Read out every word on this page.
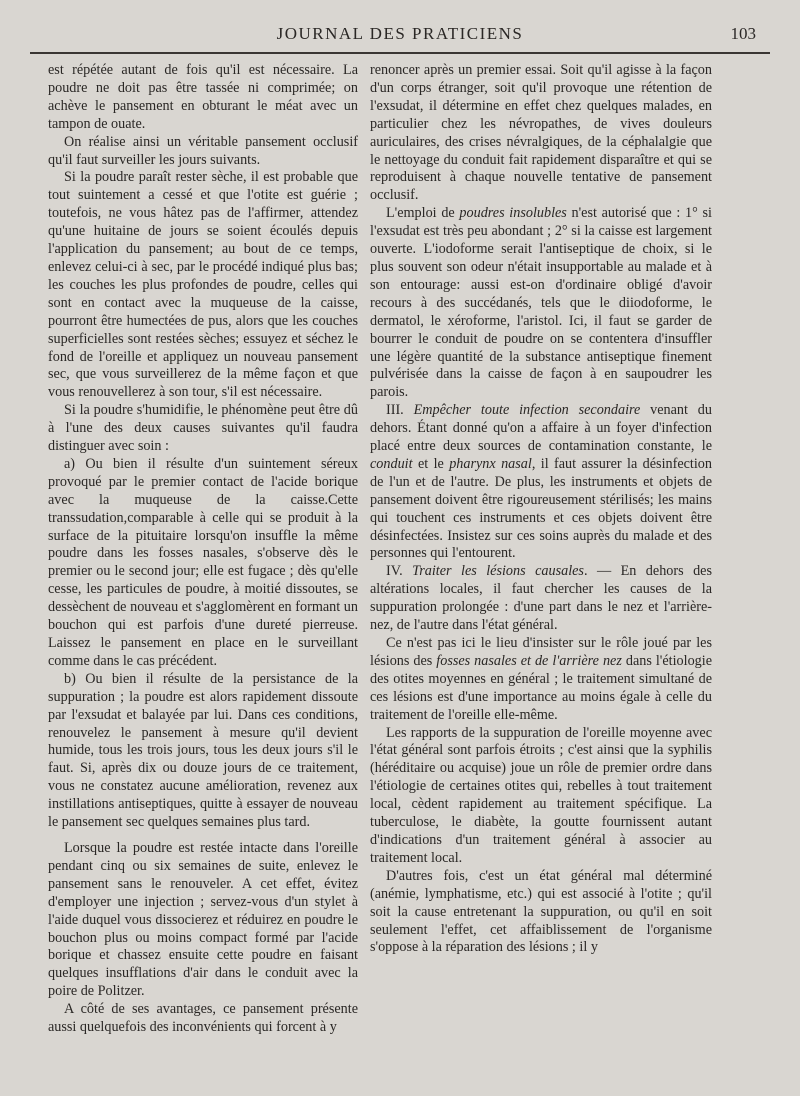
JOURNAL DES PRATICIENS	103

est répétée autant de fois qu'il est nécessaire. La poudre ne doit pas être tassée ni comprimée; on achève le pansement en obturant le méat avec un tampon de ouate.

On réalise ainsi un véritable pansement occlusif qu'il faut surveiller les jours suivants.

Si la poudre paraît rester sèche, il est probable que tout suintement a cessé et que l'otite est guérie ; toutefois, ne vous hâtez pas de l'affirmer, attendez qu'une huitaine de jours se soient écoulés depuis l'application du pansement; au bout de ce temps, enlevez celui-ci à sec, par le procédé indiqué plus bas; les couches les plus profondes de poudre, celles qui sont en contact avec la muqueuse de la caisse, pourront être humectées de pus, alors que les couches superficielles sont restées sèches; essuyez et séchez le fond de l'oreille et appliquez un nouveau pansement sec, que vous surveillerez de la même façon et que vous renouvellerez à son tour, s'il est nécessaire.

Si la poudre s'humidifie, le phénomène peut être dû à l'une des deux causes suivantes qu'il faudra distinguer avec soin :

a) Ou bien il résulte d'un suintement séreux provoqué par le premier contact de l'acide borique avec la muqueuse de la caisse.Cette transsudation,comparable à celle qui se produit à la surface de la pituitaire lorsqu'on insuffle la même poudre dans les fosses nasales, s'observe dès le premier ou le second jour; elle est fugace ; dès qu'elle cesse, les particules de poudre, à moitié dissoutes, se dessèchent de nouveau et s'agglomèrent en formant un bouchon qui est parfois d'une dureté pierreuse. Laissez le pansement en place en le surveillant comme dans le cas précédent.

b) Ou bien il résulte de la persistance de la suppuration ; la poudre est alors rapidement dissoute par l'exsudat et balayée par lui. Dans ces conditions, renouvelez le pansement à mesure qu'il devient humide, tous les trois jours, tous les deux jours s'il le faut. Si, après dix ou douze jours de ce traitement, vous ne constatez aucune amélioration, revenez aux instillations antiseptiques, quitte à essayer de nouveau le pansement sec quelques semaines plus tard.

Lorsque la poudre est restée intacte dans l'oreille pendant cinq ou six semaines de suite, enlevez le pansement sans le renouveler. A cet effet, évitez d'employer une injection ; servez-vous d'un stylet à l'aide duquel vous dissocierez et réduirez en poudre le bouchon plus ou moins compact formé par l'acide borique et chassez ensuite cette poudre en faisant quelques insufflations d'air dans le conduit avec la poire de Politzer.

A côté de ses avantages, ce pansement présente aussi quelquefois des inconvénients qui forcent à y

renoncer après un premier essai. Soit qu'il agisse à la façon d'un corps étranger, soit qu'il provoque une rétention de l'exsudat, il détermine en effet chez quelques malades, en particulier chez les névropathes, de vives douleurs auriculaires, des crises névralgiques, de la céphalalgie que le nettoyage du conduit fait rapidement disparaître et qui se reproduisent à chaque nouvelle tentative de pansement occlusif.

L'emploi de poudres insolubles n'est autorisé que : 1° si l'exsudat est très peu abondant ; 2° si la caisse est largement ouverte. L'iodoforme serait l'antiseptique de choix, si le plus souvent son odeur n'était insupportable au malade et à son entourage: aussi est-on d'ordinaire obligé d'avoir recours à des succédanés, tels que le diiodoforme, le dermatol, le xéroforme, l'aristol. Ici, il faut se garder de bourrer le conduit de poudre on se contentera d'insuffler une légère quantité de la substance antiseptique finement pulvérisée dans la caisse de façon à en saupoudrer les parois.

III. Empêcher toute infection secondaire venant du dehors. Étant donné qu'on a affaire à un foyer d'infection placé entre deux sources de contamination constante, le conduit et le pharynx nasal, il faut assurer la désinfection de l'un et de l'autre. De plus, les instruments et objets de pansement doivent être rigoureusement stérilisés; les mains qui touchent ces instruments et ces objets doivent être désinfectées. Insistez sur ces soins auprès du malade et des personnes qui l'entourent.

IV. Traiter les lésions causales. — En dehors des altérations locales, il faut chercher les causes de la suppuration prolongée : d'une part dans le nez et l'arrière-nez, de l'autre dans l'état général.

Ce n'est pas ici le lieu d'insister sur le rôle joué par les lésions des fosses nasales et de l'arrière nez dans l'étiologie des otites moyennes en général ; le traitement simultané de ces lésions est d'une importance au moins égale à celle du traitement de l'oreille elle-même.

Les rapports de la suppuration de l'oreille moyenne avec l'état général sont parfois étroits ; c'est ainsi que la syphilis (héréditaire ou acquise) joue un rôle de premier ordre dans l'étiologie de certaines otites qui, rebelles à tout traitement local, cèdent rapidement au traitement spécifique. La tuberculose, le diabète, la goutte fournissent autant d'indications d'un traitement général à associer au traitement local.

D'autres fois, c'est un état général mal déterminé (anémie, lymphatisme, etc.) qui est associé à l'otite ; qu'il soit la cause entretenant la suppuration, ou qu'il en soit seulement l'effet, cet affaiblissement de l'organisme s'oppose à la réparation des lésions ; il y
